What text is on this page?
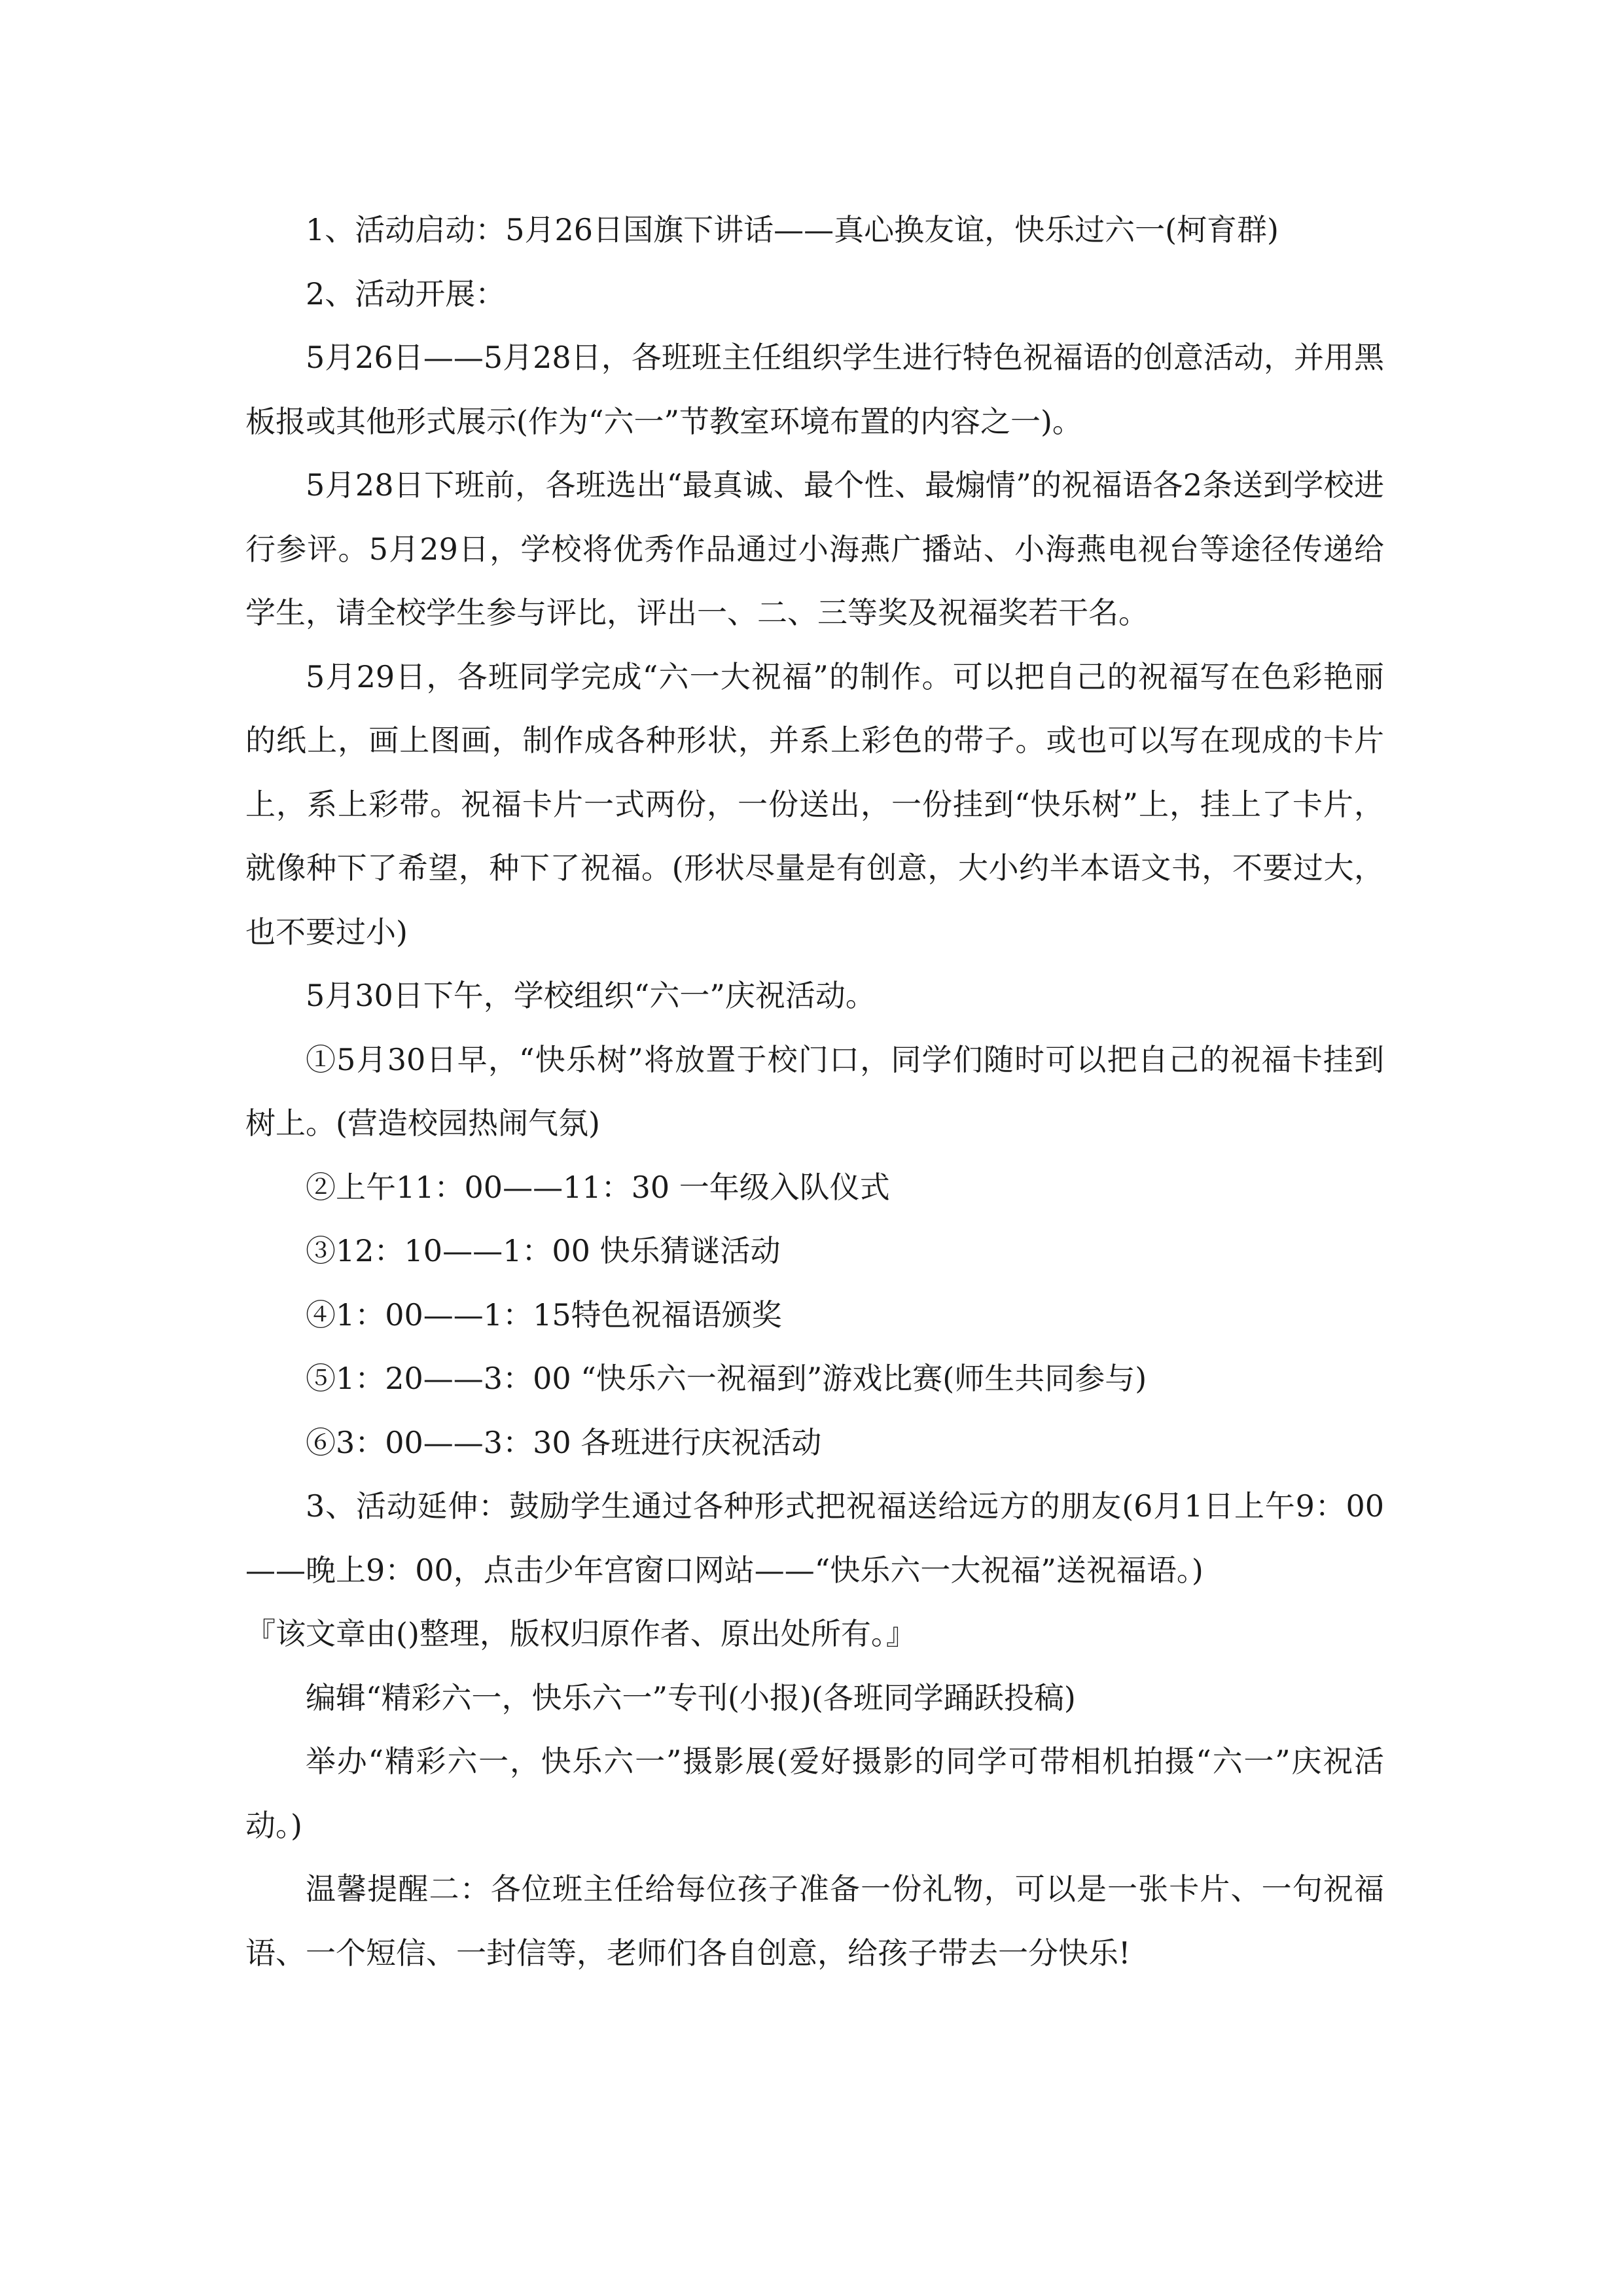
1、活动启动：5月26日国旗下讲话——真心换友谊，快乐过六一(柯育群)

2、活动开展：

5月26日——5月28日，各班班主任组织学生进行特色祝福语的创意活动，并用黑板报或其他形式展示(作为“六一”节教室环境布置的内容之一)。

5月28日下班前，各班选出“最真诚、最个性、最煽情”的祝福语各2条送到学校进行参评。5月29日，学校将优秀作品通过小海燕广播站、小海燕电视台等途径传递给学生，请全校学生参与评比，评出一、二、三等奖及祝福奖若干名。

5月29日，各班同学完成“六一大祝福”的制作。可以把自己的祝福写在色彩艳丽的纸上，画上图画，制作成各种形状，并系上彩色的带子。或也可以写在现成的卡片上，系上彩带。祝福卡片一式两份，一份送出，一份挂到“快乐树”上，挂上了卡片，就像种下了希望，种下了祝福。(形状尽量是有创意，大小约半本语文书，不要过大，也不要过小)

5月30日下午，学校组织“六一”庆祝活动。

①5月30日早，“快乐树”将放置于校门口，同学们随时可以把自己的祝福卡挂到树上。(营造校园热闹气氛)

②上午11：00——11：30 一年级入队仪式

③12：10——1：00 快乐猜谜活动

④1：00——1：15特色祝福语颁奖

⑤1：20——3：00 “快乐六一祝福到”游戏比赛(师生共同参与)

⑥3：00——3：30 各班进行庆祝活动

3、活动延伸：鼓励学生通过各种形式把祝福送给远方的朋友(6月1日上午9：00——晚上9：00，点击少年宫窗口网站——“快乐六一大祝福”送祝福语。)

『该文章由()整理，版权归原作者、原出处所有。』

编辑“精彩六一，快乐六一”专刊(小报)(各班同学踊跃投稿)

举办“精彩六一，快乐六一”摄影展(爱好摄影的同学可带相机拍摄“六一”庆祝活动。)

温馨提醒二：各位班主任给每位孩子准备一份礼物，可以是一张卡片、一句祝福语、一个短信、一封信等，老师们各自创意，给孩子带去一分快乐!
